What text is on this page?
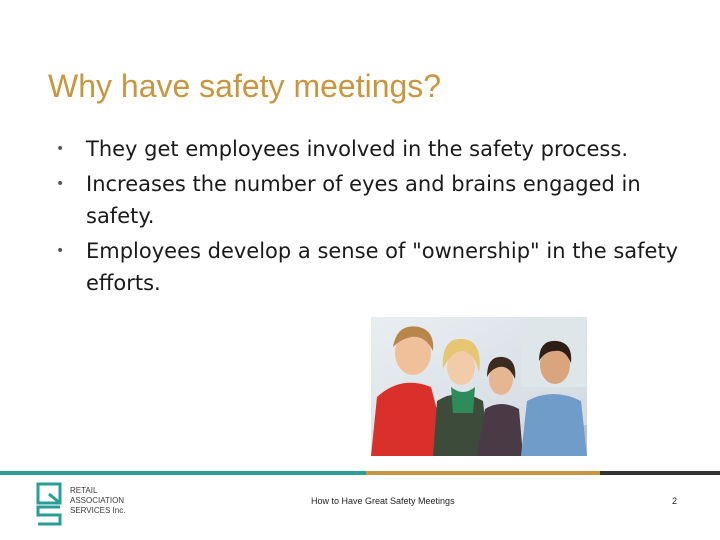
Why have safety meetings?
• They get employees involved in the safety process.
• Increases the number of eyes and brains engaged in safety.
• Employees develop a sense of "ownership" in the safety efforts.
RETAIL
ASSOCIATION
SERVICES Inc.
How to Have Great Safety Meetings	2
